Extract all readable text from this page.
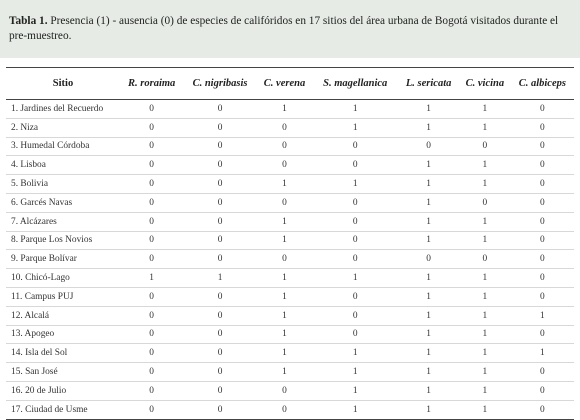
Tabla 1. Presencia (1) - ausencia (0) de especies de califóridos en 17 sitios del área urbana de Bogotá visitados durante el pre-muestreo.
Sitio	R. roraima	C. nigribasis	C. verena	S. magellanica	L. sericata	C. vicina	C. albiceps
1. Jardines del Recuerdo	0	0	1	1	1	1	0
2. Niza	0	0	0	1	1	1	0
3. Humedal Córdoba	0	0	0	0	0	0	0
4. Lisboa	0	0	0	0	1	1	0
5. Bolivia	0	0	1	1	1	1	0
6. Garcés Navas	0	0	0	0	1	0	0
7. Alcázares	0	0	1	0	1	1	0
8. Parque Los Novios	0	0	1	0	1	1	0
9. Parque Bolívar	0	0	0	0	0	0	0
10. Chicó-Lago	1	1	1	1	1	1	0
11. Campus PUJ	0	0	1	0	1	1	0
12. Alcalá	0	0	1	0	1	1	1
13. Apogeo	0	0	1	0	1	1	0
14. Isla del Sol	0	0	1	1	1	1	1
15. San José	0	0	1	1	1	1	0
16. 20 de Julio	0	0	0	1	1	1	0
17. Ciudad de Usme	0	0	0	1	1	1	0
